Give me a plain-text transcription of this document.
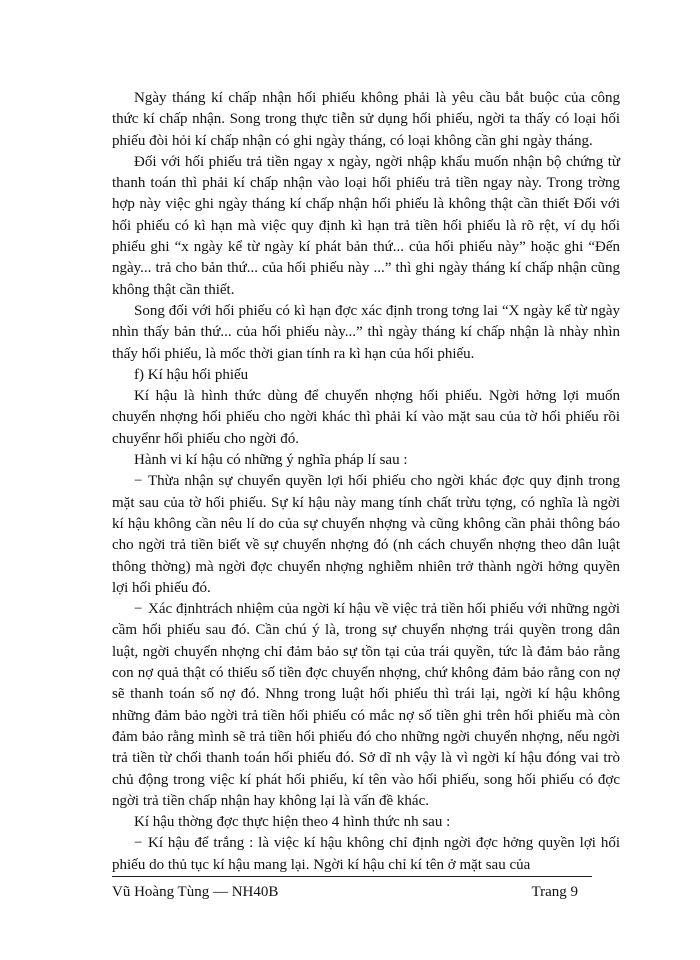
Ngày tháng kí chấp nhận hối phiếu không phải là yêu cầu bắt buộc của công thức kí chấp nhận. Song trong thực tiễn sử dụng hối phiếu, ngời ta thấy có loại hối phiếu đòi hỏi kí chấp nhận có ghi ngày tháng, có loại không cần ghi ngày tháng.

Đối với hối phiếu trả tiền ngay x ngày, ngời nhập khẩu muốn nhận bộ chứng từ thanh toán thì phải kí chấp nhận vào loại hối phiếu trả tiền ngay này. Trong trờng hợp này việc ghi ngày tháng kí chấp nhận hối phiếu là không thật cần thiết Đối với hối phiếu có kì hạn mà việc quy định kì hạn trả tiền hối phiếu là rõ rệt, ví dụ hối phiếu ghi “x ngày kể từ ngày kí phát bản thứ... của hối phiếu này” hoặc ghi “Đến ngày... trả cho bản thứ... của hối phiếu này ...” thì ghi ngày tháng kí chấp nhận cũng không thật cần thiết.

Song đối với hối phiếu có kì hạn đợc xác định trong tơng lai “X ngày kể từ ngày nhìn thấy bản thứ... của hối phiếu này...” thì ngày tháng kí chấp nhận là nhày nhìn thấy hối phiếu, là mốc thời gian tính ra kì hạn của hối phiếu.

f) Kí hậu hối phiếu

Kí hậu là hình thức dùng để chuyển nhợng hối phiếu. Ngời hởng lợi muốn chuyển nhợng hối phiếu cho ngời khác thì phải kí vào mặt sau của tờ hối phiếu rồi chuyểnr hối phiếu cho ngời đó.

Hành vi kí hậu có những ý nghĩa pháp lí sau :

− Thừa nhận sự chuyển quyền lợi hối phiếu cho ngời khác đợc quy định trong mặt sau của tờ hối phiếu. Sự kí hậu này mang tính chất trừu tợng, có nghĩa là ngời kí hậu không cần nêu lí do của sự chuyển nhợng và cũng không cần phải thông báo cho ngời trả tiền biết về sự chuyển nhợng đó (nh cách chuyển nhợng theo dân luật thông thờng) mà ngời đợc chuyển nhợng nghiễm nhiên trở thành ngời hởng quyền lợi hối phiếu đó.

− Xác địnhtrách nhiệm của ngời kí hậu về việc trả tiền hối phiếu với những ngời cầm hối phiếu sau đó. Cần chú ý là, trong sự chuyển nhợng trái quyền trong dân luật, ngời chuyển nhợng chỉ đảm bảo sự tồn tại của trái quyền, tức là đảm bảo rằng con nợ quả thật có thiếu số tiền đợc chuyển nhợng, chứ không đảm bảo rằng con nợ sẽ thanh toán số nợ đó. Nhng trong luật hối phiếu thì trái lại, ngời kí hậu không những đảm bảo ngời trả tiền hối phiếu có mắc nợ số tiền ghi trên hối phiếu mà còn đảm bảo rằng mình sẽ trả tiền hối phiếu đó cho những ngời chuyển nhợng, nếu ngời trả tiền từ chối thanh toán hối phiếu đó. Sở dĩ nh vậy là vì ngời kí hậu đóng vai trò chủ động trong việc kí phát hối phiếu, kí tên vào hối phiếu, song hối phiếu có đợc ngời trả tiền chấp nhận hay không lại là vấn đề khác.

Kí hậu thờng đợc thực hiện theo 4 hình thức nh sau :

− Kí hậu để trắng : là việc kí hậu không chỉ định ngời đợc hởng quyền lợi hối phiếu do thủ tục kí hậu mang lại. Ngời kí hậu chỉ kí tên ở mặt sau của

Vũ Hoàng Tùng — NH40B	Trang 9
